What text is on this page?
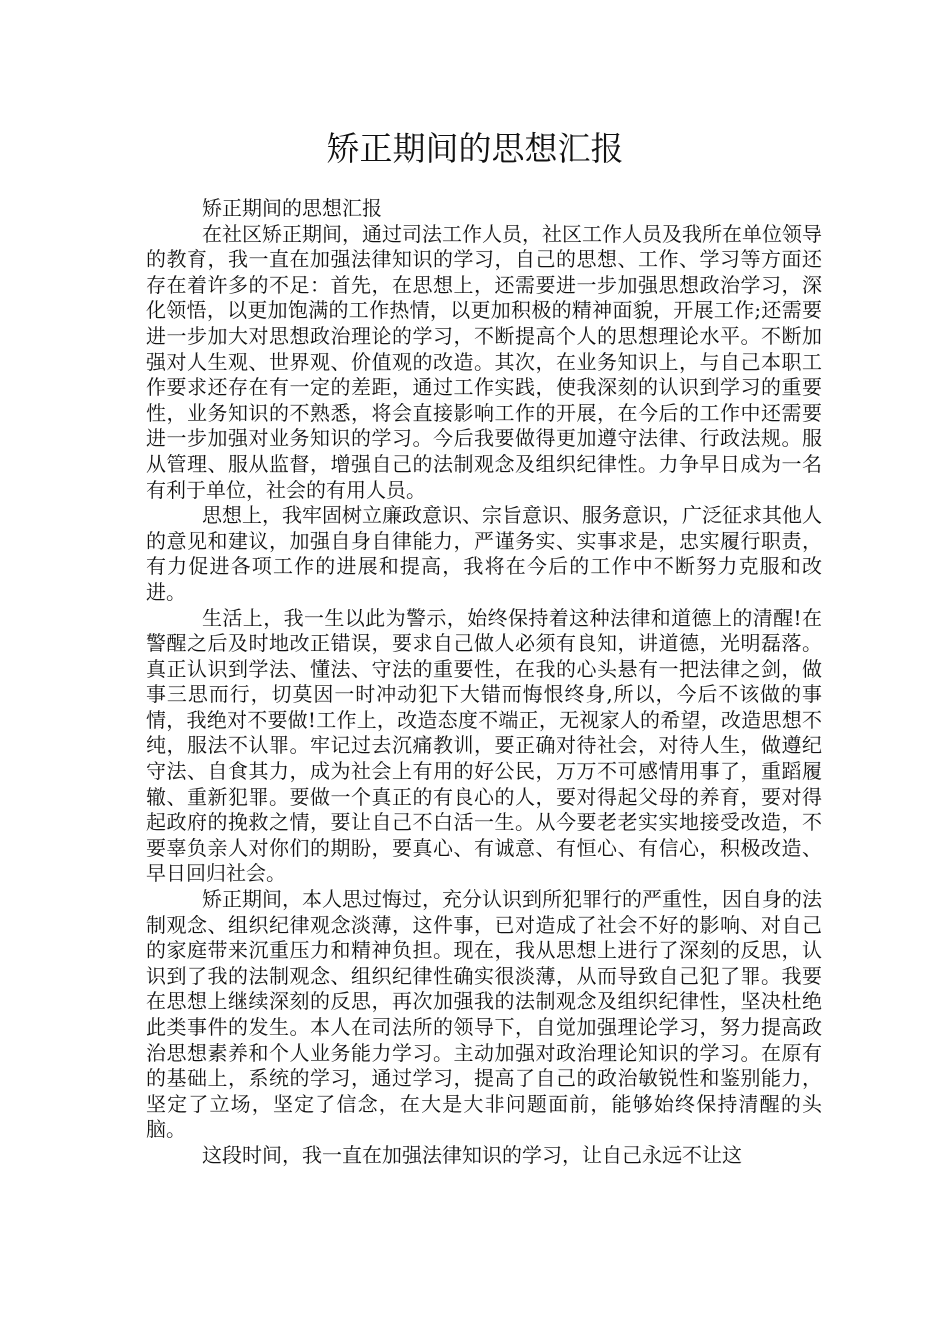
矫正期间的思想汇报

矫正期间的思想汇报

在社区矫正期间，通过司法工作人员，社区工作人员及我所在单位领导的教育，我一直在加强法律知识的学习，自己的思想、工作、学习等方面还存在着许多的不足：首先，在思想上，还需要进一步加强思想政治学习，深化领悟，以更加饱满的工作热情，以更加积极的精神面貌，开展工作;还需要进一步加大对思想政治理论的学习，不断提高个人的思想理论水平。不断加强对人生观、世界观、价值观的改造。其次，在业务知识上，与自己本职工作要求还存在有一定的差距，通过工作实践，使我深刻的认识到学习的重要性，业务知识的不熟悉，将会直接影响工作的开展，在今后的工作中还需要进一步加强对业务知识的学习。今后我要做得更加遵守法律、行政法规。服从管理、服从监督，增强自己的法制观念及组织纪律性。力争早日成为一名有利于单位，社会的有用人员。

思想上，我牢固树立廉政意识、宗旨意识、服务意识，广泛征求其他人的意见和建议，加强自身自律能力，严谨务实、实事求是，忠实履行职责，有力促进各项工作的进展和提高，我将在今后的工作中不断努力克服和改进。

生活上，我一生以此为警示，始终保持着这种法律和道德上的清醒!在警醒之后及时地改正错误，要求自己做人必须有良知，讲道德，光明磊落。真正认识到学法、懂法、守法的重要性，在我的心头悬有一把法律之剑，做事三思而行，切莫因一时冲动犯下大错而悔恨终身,所以，今后不该做的事情，我绝对不要做!工作上，改造态度不端正，无视家人的希望，改造思想不纯，服法不认罪。牢记过去沉痛教训，要正确对待社会，对待人生，做遵纪守法、自食其力，成为社会上有用的好公民，万万不可感情用事了，重蹈履辙、重新犯罪。要做一个真正的有良心的人，要对得起父母的养育，要对得起政府的挽救之情，要让自己不白活一生。从今要老老实实地接受改造，不要辜负亲人对你们的期盼，要真心、有诚意、有恒心、有信心，积极改造、早日回归社会。

矫正期间，本人思过悔过，充分认识到所犯罪行的严重性，因自身的法制观念、组织纪律观念淡薄，这件事，已对造成了社会不好的影响、对自己的家庭带来沉重压力和精神负担。现在，我从思想上进行了深刻的反思，认识到了我的法制观念、组织纪律性确实很淡薄，从而导致自己犯了罪。我要在思想上继续深刻的反思，再次加强我的法制观念及组织纪律性，坚决杜绝此类事件的发生。本人在司法所的领导下，自觉加强理论学习，努力提高政治思想素养和个人业务能力学习。主动加强对政治理论知识的学习。在原有的基础上，系统的学习，通过学习，提高了自己的政治敏锐性和鉴别能力，坚定了立场，坚定了信念，在大是大非问题面前，能够始终保持清醒的头脑。

这段时间，我一直在加强法律知识的学习，让自己永远不让这
